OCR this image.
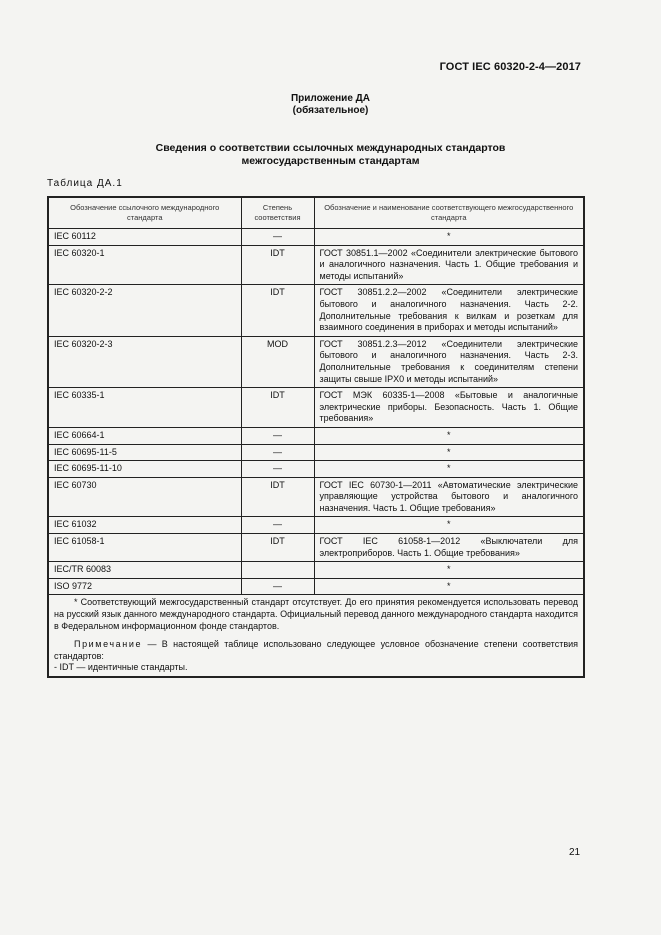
ГОСТ IEC 60320-2-4—2017
Приложение ДА
(обязательное)
Сведения о соответствии ссылочных международных стандартов
межгосударственным стандартам
Таблица ДА.1
Обозначение ссылочного международного стандарта	Степень соответствия	Обозначение и наименование соответствующего межгосударственного стандарта
IEC 60112	—	*
IEC 60320-1	IDT	ГОСТ 30851.1—2002 «Соединители электрические бытового и аналогичного назначения. Часть 1. Общие требования и методы испытаний»
IEC 60320-2-2	IDT	ГОСТ 30851.2.2—2002 «Соединители электрические бытового и аналогичного назначения. Часть 2-2. Дополнительные требования к вилкам и розеткам для взаимного соединения в приборах и методы испытаний»
IEC 60320-2-3	MOD	ГОСТ 30851.2.3—2012 «Соединители электрические бытового и аналогичного назначения. Часть 2-3. Дополнительные требования к соединителям степени защиты свыше IPX0 и методы испытаний»
IEC 60335-1	IDT	ГОСТ МЭК 60335-1—2008 «Бытовые и аналогичные электрические приборы. Безопасность. Часть 1. Общие требования»
IEC 60664-1	—	*
IEC 60695-11-5	—	*
IEC 60695-11-10	—	*
IEC 60730	IDT	ГОСТ IEC 60730-1—2011 «Автоматические электрические управляющие устройства бытового и аналогичного назначения. Часть 1. Общие требования»
IEC 61032	—	*
IEC 61058-1	IDT	ГОСТ IEC 61058-1—2012 «Выключатели для электроприборов. Часть 1. Общие требования»
IEC/TR 60083		*
ISO 9772	—	*

* Соответствующий межгосударственный стандарт отсутствует. До его принятия рекомендуется использовать перевод на русский язык данного международного стандарта. Официальный перевод данного международного стандарта находится в Федеральном информационном фонде стандартов.

Примечание — В настоящей таблице использовано следующее условное обозначение степени соответствия стандартов:

- IDT — идентичные стандарты.		
21
